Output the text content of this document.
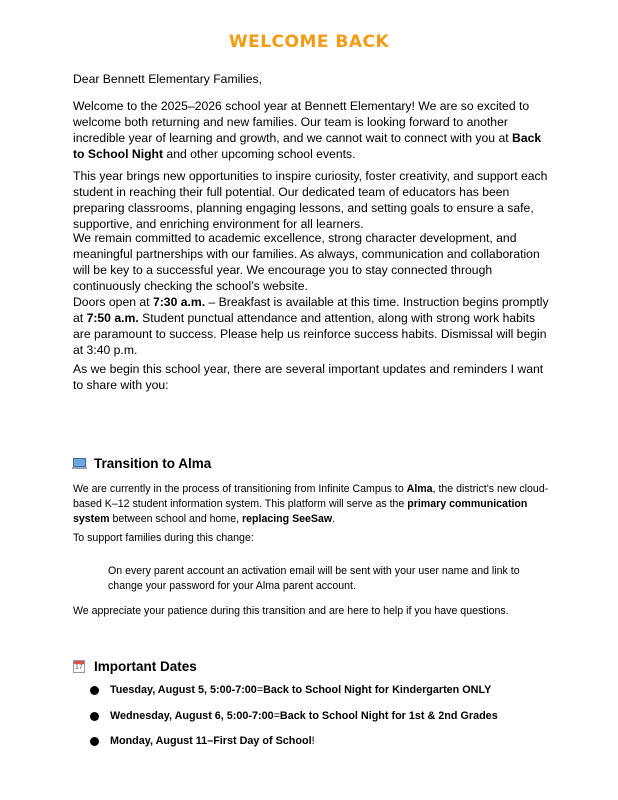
WELCOME BACK
Dear Bennett Elementary Families,
Welcome to the 2025–2026 school year at Bennett Elementary! We are so excited to welcome both returning and new families. Our team is looking forward to another incredible year of learning and growth, and we cannot wait to connect with you at Back to School Night and other upcoming school events.
This year brings new opportunities to inspire curiosity, foster creativity, and support each student in reaching their full potential. Our dedicated team of educators has been preparing classrooms, planning engaging lessons, and setting goals to ensure a safe, supportive, and enriching environment for all learners.
We remain committed to academic excellence, strong character development, and meaningful partnerships with our families. As always, communication and collaboration will be key to a successful year. We encourage you to stay connected through continuously checking the school’s website.
Doors open at 7:30 a.m. – Breakfast is available at this time. Instruction begins promptly at 7:50 a.m. Student punctual attendance and attention, along with strong work habits are paramount to success. Please help us reinforce success habits. Dismissal will begin at 3:40 p.m.
As we begin this school year, there are several important updates and reminders I want to share with you:
Transition to Alma
We are currently in the process of transitioning from Infinite Campus to Alma, the district's new cloud-based K–12 student information system. This platform will serve as the primary communication system between school and home, replacing SeeSaw.
To support families during this change:
On every parent account an activation email will be sent with your user name and link to change your password for your Alma parent account.
We appreciate your patience during this transition and are here to help if you have questions.
17 Important Dates
Tuesday, August 5, 5:00-7:00 = Back to School Night for Kindergarten ONLY
Wednesday, August 6, 5:00-7:00 = Back to School Night for 1st & 2nd Grades
Monday, August 11 – First Day of School !
